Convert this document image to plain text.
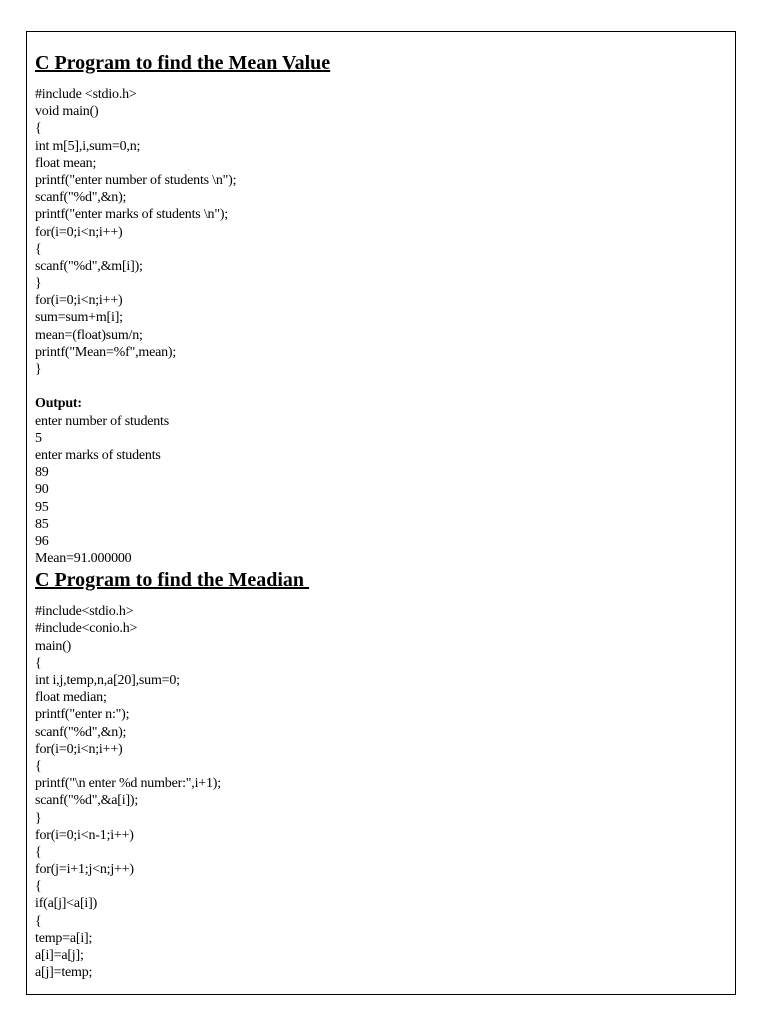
C Program to find the Mean Value
#include <stdio.h>
void main()
{
int m[5],i,sum=0,n;
float mean;
printf("enter number of students \n");
scanf("%d",&n);
printf("enter marks of students \n");
for(i=0;i<n;i++)
{
scanf("%d",&m[i]);
}
for(i=0;i<n;i++)
sum=sum+m[i];
mean=(float)sum/n;
printf("Mean=%f",mean);
}
Output:
enter number of students
5
enter marks of students
89
90
95
85
96
Mean=91.000000
C Program to find the Meadian
#include<stdio.h>
#include<conio.h>
main()
{
int i,j,temp,n,a[20],sum=0;
float median;
printf("enter n:");
scanf("%d",&n);
for(i=0;i<n;i++)
{
printf("\n enter %d number:",i+1);
scanf("%d",&a[i]);
}
for(i=0;i<n-1;i++)
{
for(j=i+1;j<n;j++)
{
if(a[j]<a[i])
{
temp=a[i];
a[i]=a[j];
a[j]=temp;
